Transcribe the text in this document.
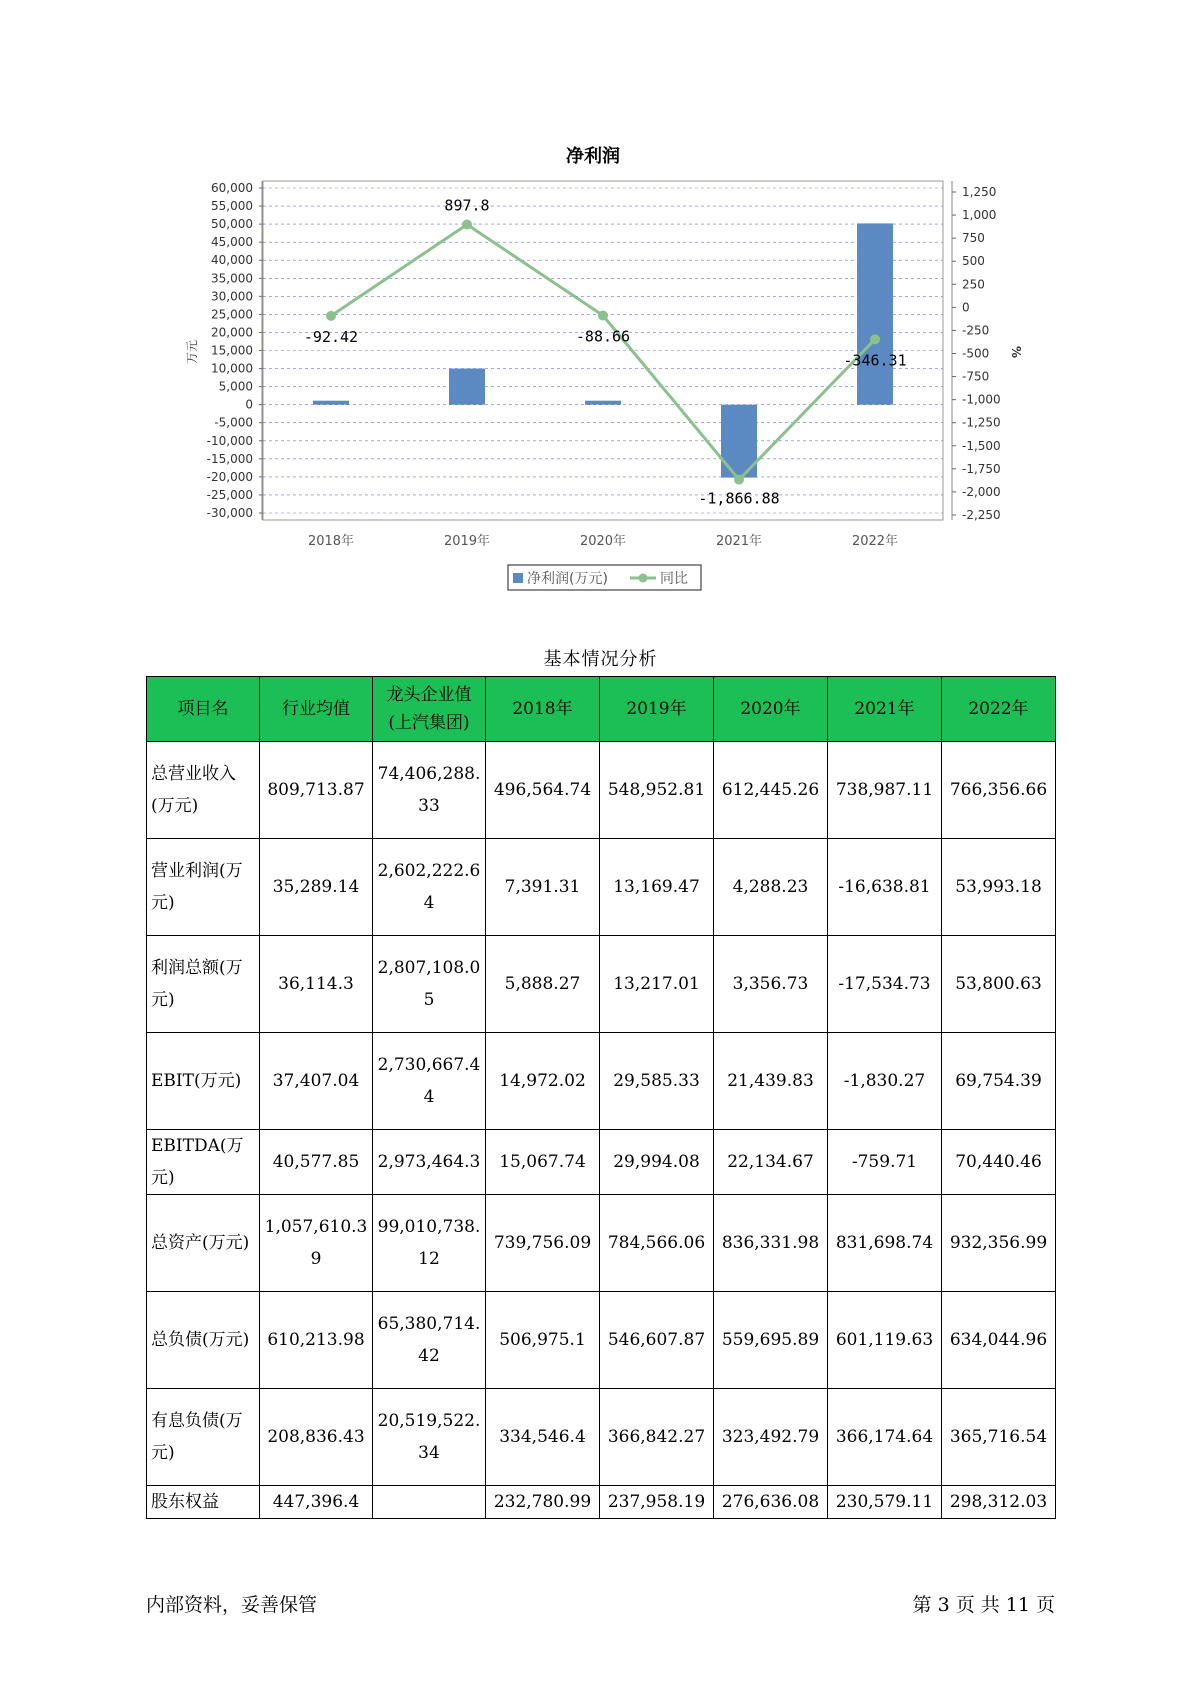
净利润
60,000
55,000
50,000
45,000
40,000
35,000
30,000
25,000
20,000
15,000
10,000
5,000
0
-5,000
-10,000
-15,000
-20,000
-25,000
-30,000
万元
1,250
1,000
750
500
250
0
-250
-500
-750
-1,000
-1,250
-1,500
-1,750
-2,000
-2,250
%
2018年	2019年	2020年	2021年	2022年
-92.42
897.8
-88.66
-1,866.88
-346.31
净利润(万元)	同比
基本情况分析
项目名	行业均值	龙头企业值(上汽集团)	2018年	2019年	2020年	2021年	2022年
总营业收入(万元)	809,713.87	74,406,288.33	496,564.74	548,952.81	612,445.26	738,987.11	766,356.66
营业利润(万元)	35,289.14	2,602,222.64	7,391.31	13,169.47	4,288.23	-16,638.81	53,993.18
利润总额(万元)	36,114.3	2,807,108.05	5,888.27	13,217.01	3,356.73	-17,534.73	53,800.63
EBIT(万元)	37,407.04	2,730,667.44	14,972.02	29,585.33	21,439.83	-1,830.27	69,754.39
EBITDA(万元)	40,577.85	2,973,464.3	15,067.74	29,994.08	22,134.67	-759.71	70,440.46
总资产(万元)	1,057,610.39	99,010,738.12	739,756.09	784,566.06	836,331.98	831,698.74	932,356.99
总负债(万元)	610,213.98	65,380,714.42	506,975.1	546,607.87	559,695.89	601,119.63	634,044.96
有息负债(万元)	208,836.43	20,519,522.34	334,546.4	366,842.27	323,492.79	366,174.64	365,716.54
股东权益	447,396.4		232,780.99	237,958.19	276,636.08	230,579.11	298,312.03
内部资料，妥善保管	第 3 页 共 11 页
